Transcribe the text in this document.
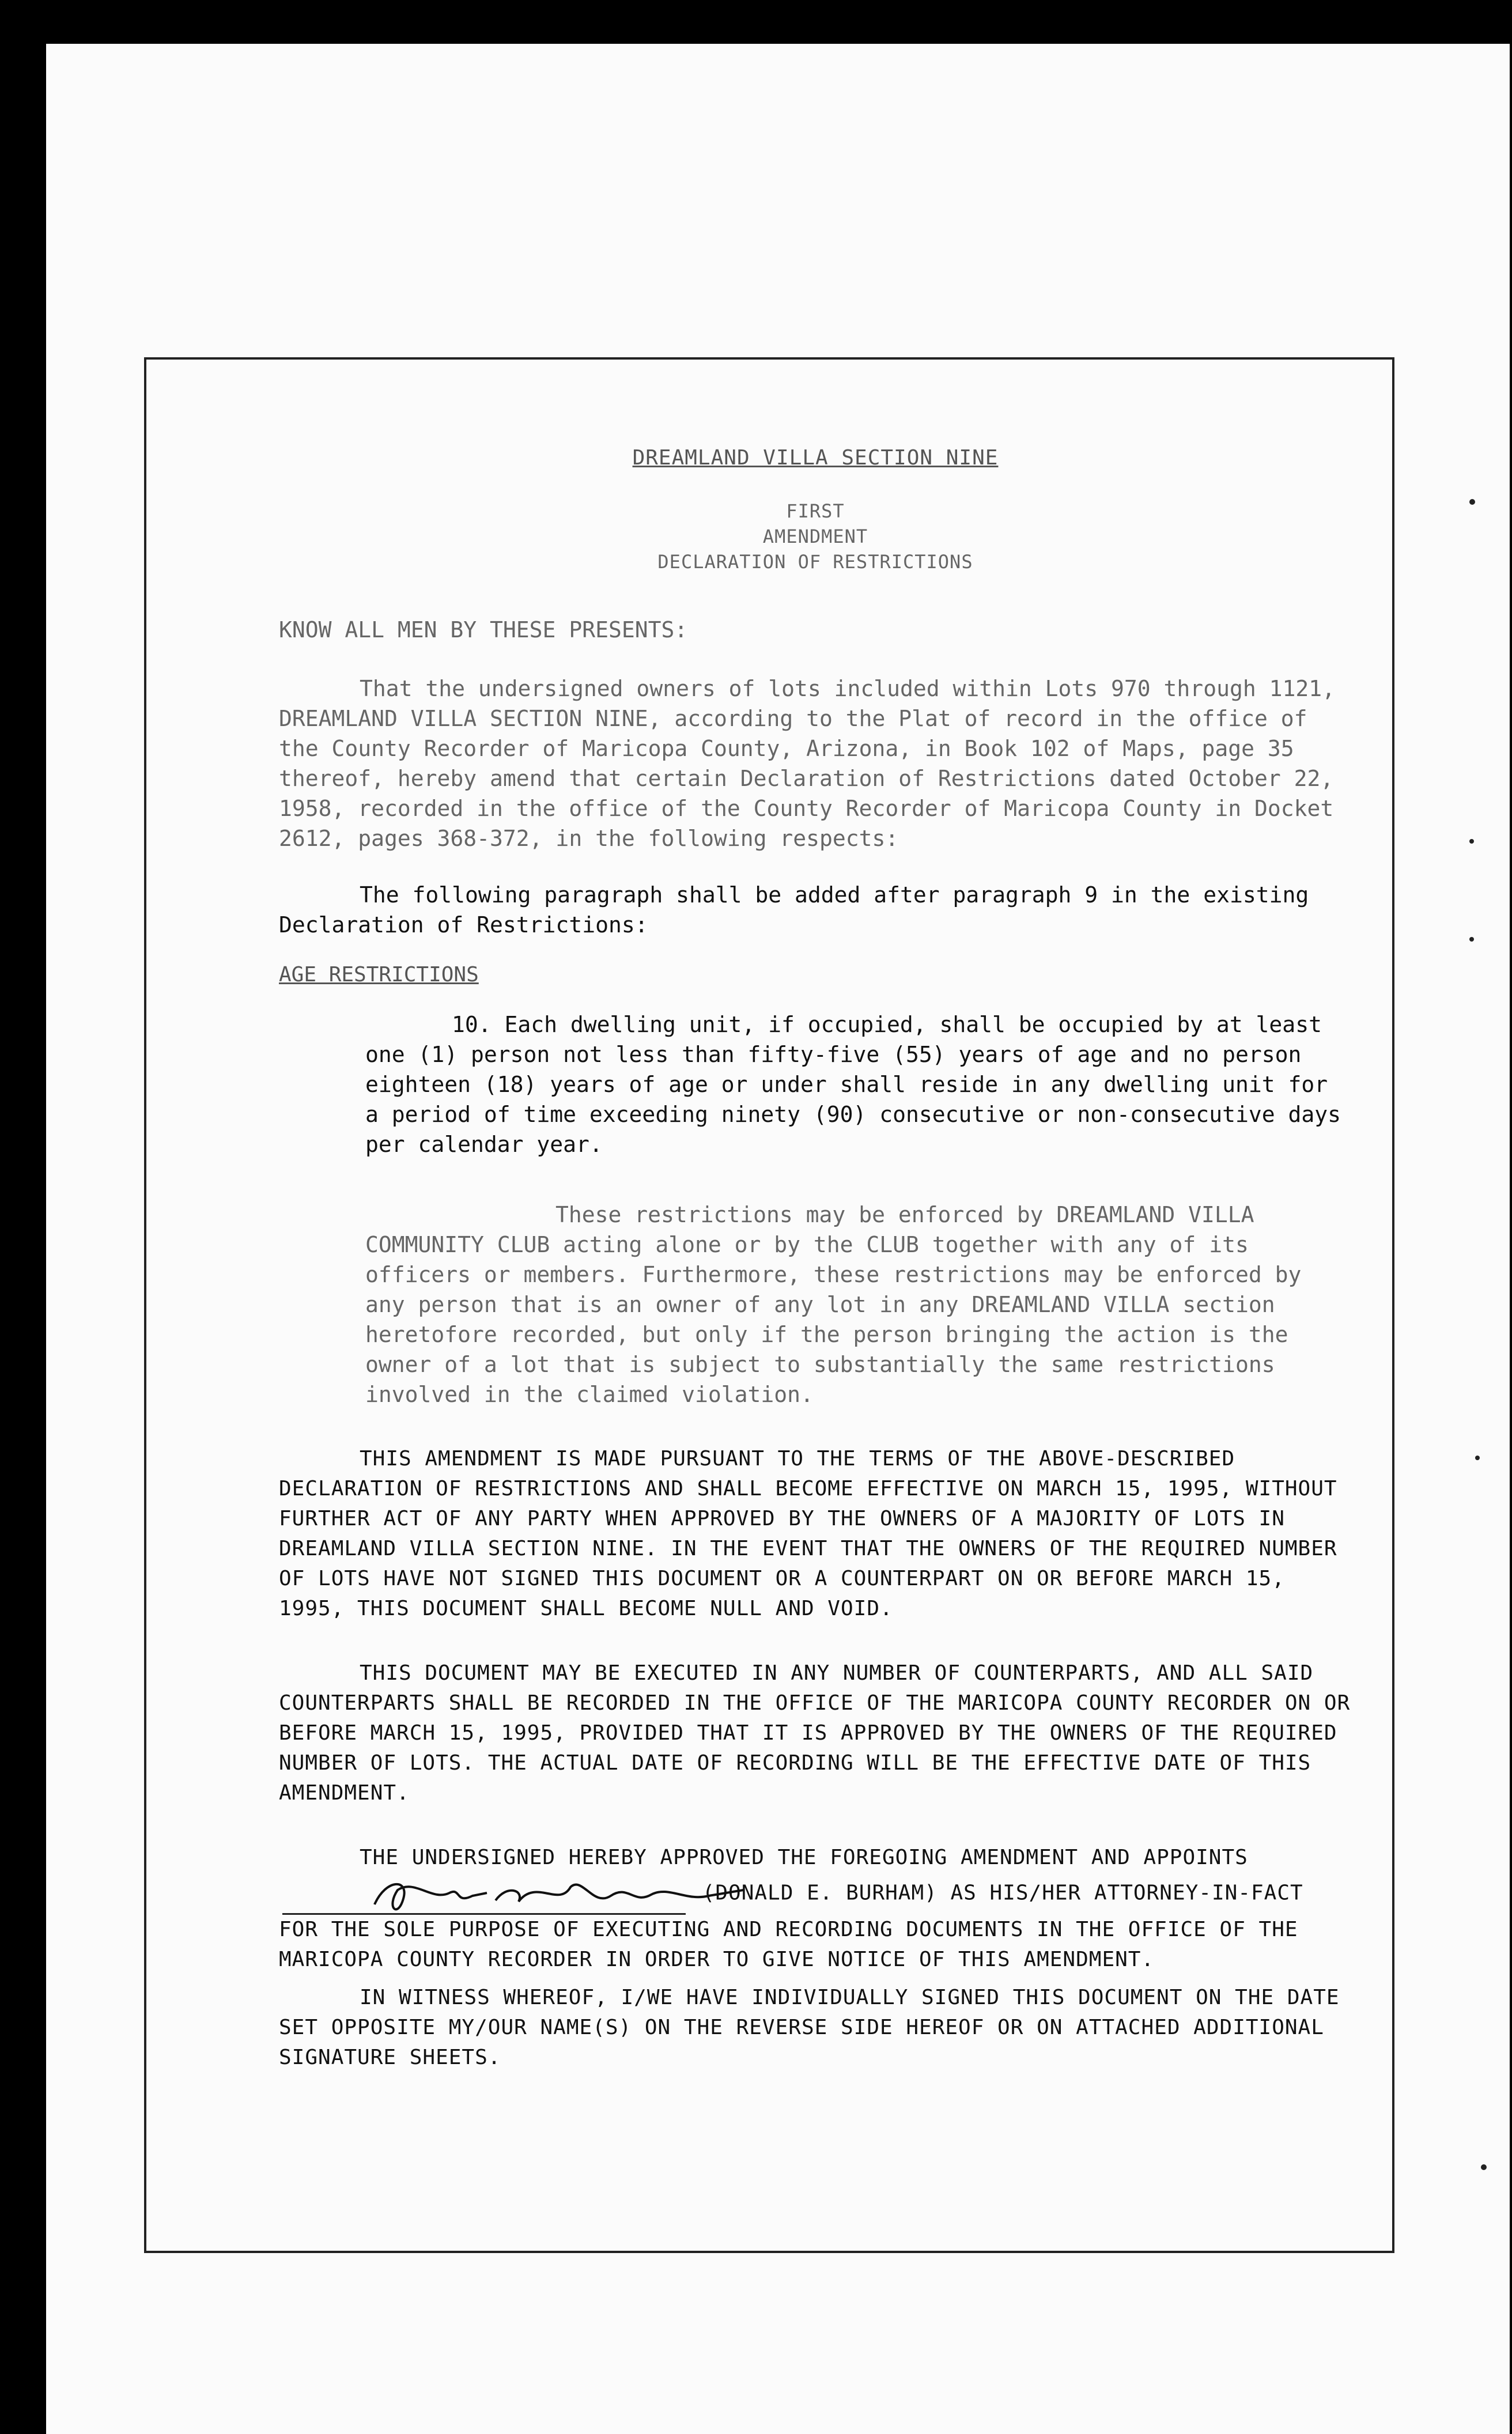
DREAMLAND VILLA SECTION NINE
FIRST
AMENDMENT
DECLARATION OF RESTRICTIONS

KNOW ALL MEN BY THESE PRESENTS:

That the undersigned owners of lots included within Lots 970 through 1121, DREAMLAND VILLA SECTION NINE, according to the Plat of record in the office of the County Recorder of Maricopa County, Arizona, in Book 102 of Maps, page 35 thereof, hereby amend that certain Declaration of Restrictions dated October 22, 1958, recorded in the office of the County Recorder of Maricopa County in Docket 2612, pages 368-372, in the following respects:

The following paragraph shall be added after paragraph 9 in the existing Declaration of Restrictions:

AGE RESTRICTIONS

10. Each dwelling unit, if occupied, shall be occupied by at least one (1) person not less than fifty-five (55) years of age and no person eighteen (18) years of age or under shall reside in any dwelling unit for a period of time exceeding ninety (90) consecutive or non-consecutive days per calendar year.

These restrictions may be enforced by DREAMLAND VILLA COMMUNITY CLUB acting alone or by the CLUB together with any of its officers or members. Furthermore, these restrictions may be enforced by any person that is an owner of any lot in any DREAMLAND VILLA section heretofore recorded, but only if the person bringing the action is the owner of a lot that is subject to substantially the same restrictions involved in the claimed violation.

THIS AMENDMENT IS MADE PURSUANT TO THE TERMS OF THE ABOVE-DESCRIBED DECLARATION OF RESTRICTIONS AND SHALL BECOME EFFECTIVE ON MARCH 15, 1995, WITHOUT FURTHER ACT OF ANY PARTY WHEN APPROVED BY THE OWNERS OF A MAJORITY OF LOTS IN DREAMLAND VILLA SECTION NINE. IN THE EVENT THAT THE OWNERS OF THE REQUIRED NUMBER OF LOTS HAVE NOT SIGNED THIS DOCUMENT OR A COUNTERPART ON OR BEFORE MARCH 15, 1995, THIS DOCUMENT SHALL BECOME NULL AND VOID.

THIS DOCUMENT MAY BE EXECUTED IN ANY NUMBER OF COUNTERPARTS, AND ALL SAID COUNTERPARTS SHALL BE RECORDED IN THE OFFICE OF THE MARICOPA COUNTY RECORDER ON OR BEFORE MARCH 15, 1995, PROVIDED THAT IT IS APPROVED BY THE OWNERS OF THE REQUIRED NUMBER OF LOTS. THE ACTUAL DATE OF RECORDING WILL BE THE EFFECTIVE DATE OF THIS AMENDMENT.

THE UNDERSIGNED HEREBY APPROVED THE FOREGOING AMENDMENT AND APPOINTS  (DONALD E. BURHAM) AS HIS/HER ATTORNEY-IN-FACT FOR THE SOLE PURPOSE OF EXECUTING AND RECORDING DOCUMENTS IN THE OFFICE OF THE MARICOPA COUNTY RECORDER IN ORDER TO GIVE NOTICE OF THIS AMENDMENT.

IN WITNESS WHEREOF, I/WE HAVE INDIVIDUALLY SIGNED THIS DOCUMENT ON THE DATE SET OPPOSITE MY/OUR NAME(S) ON THE REVERSE SIDE HEREOF OR ON ATTACHED ADDITIONAL SIGNATURE SHEETS.
